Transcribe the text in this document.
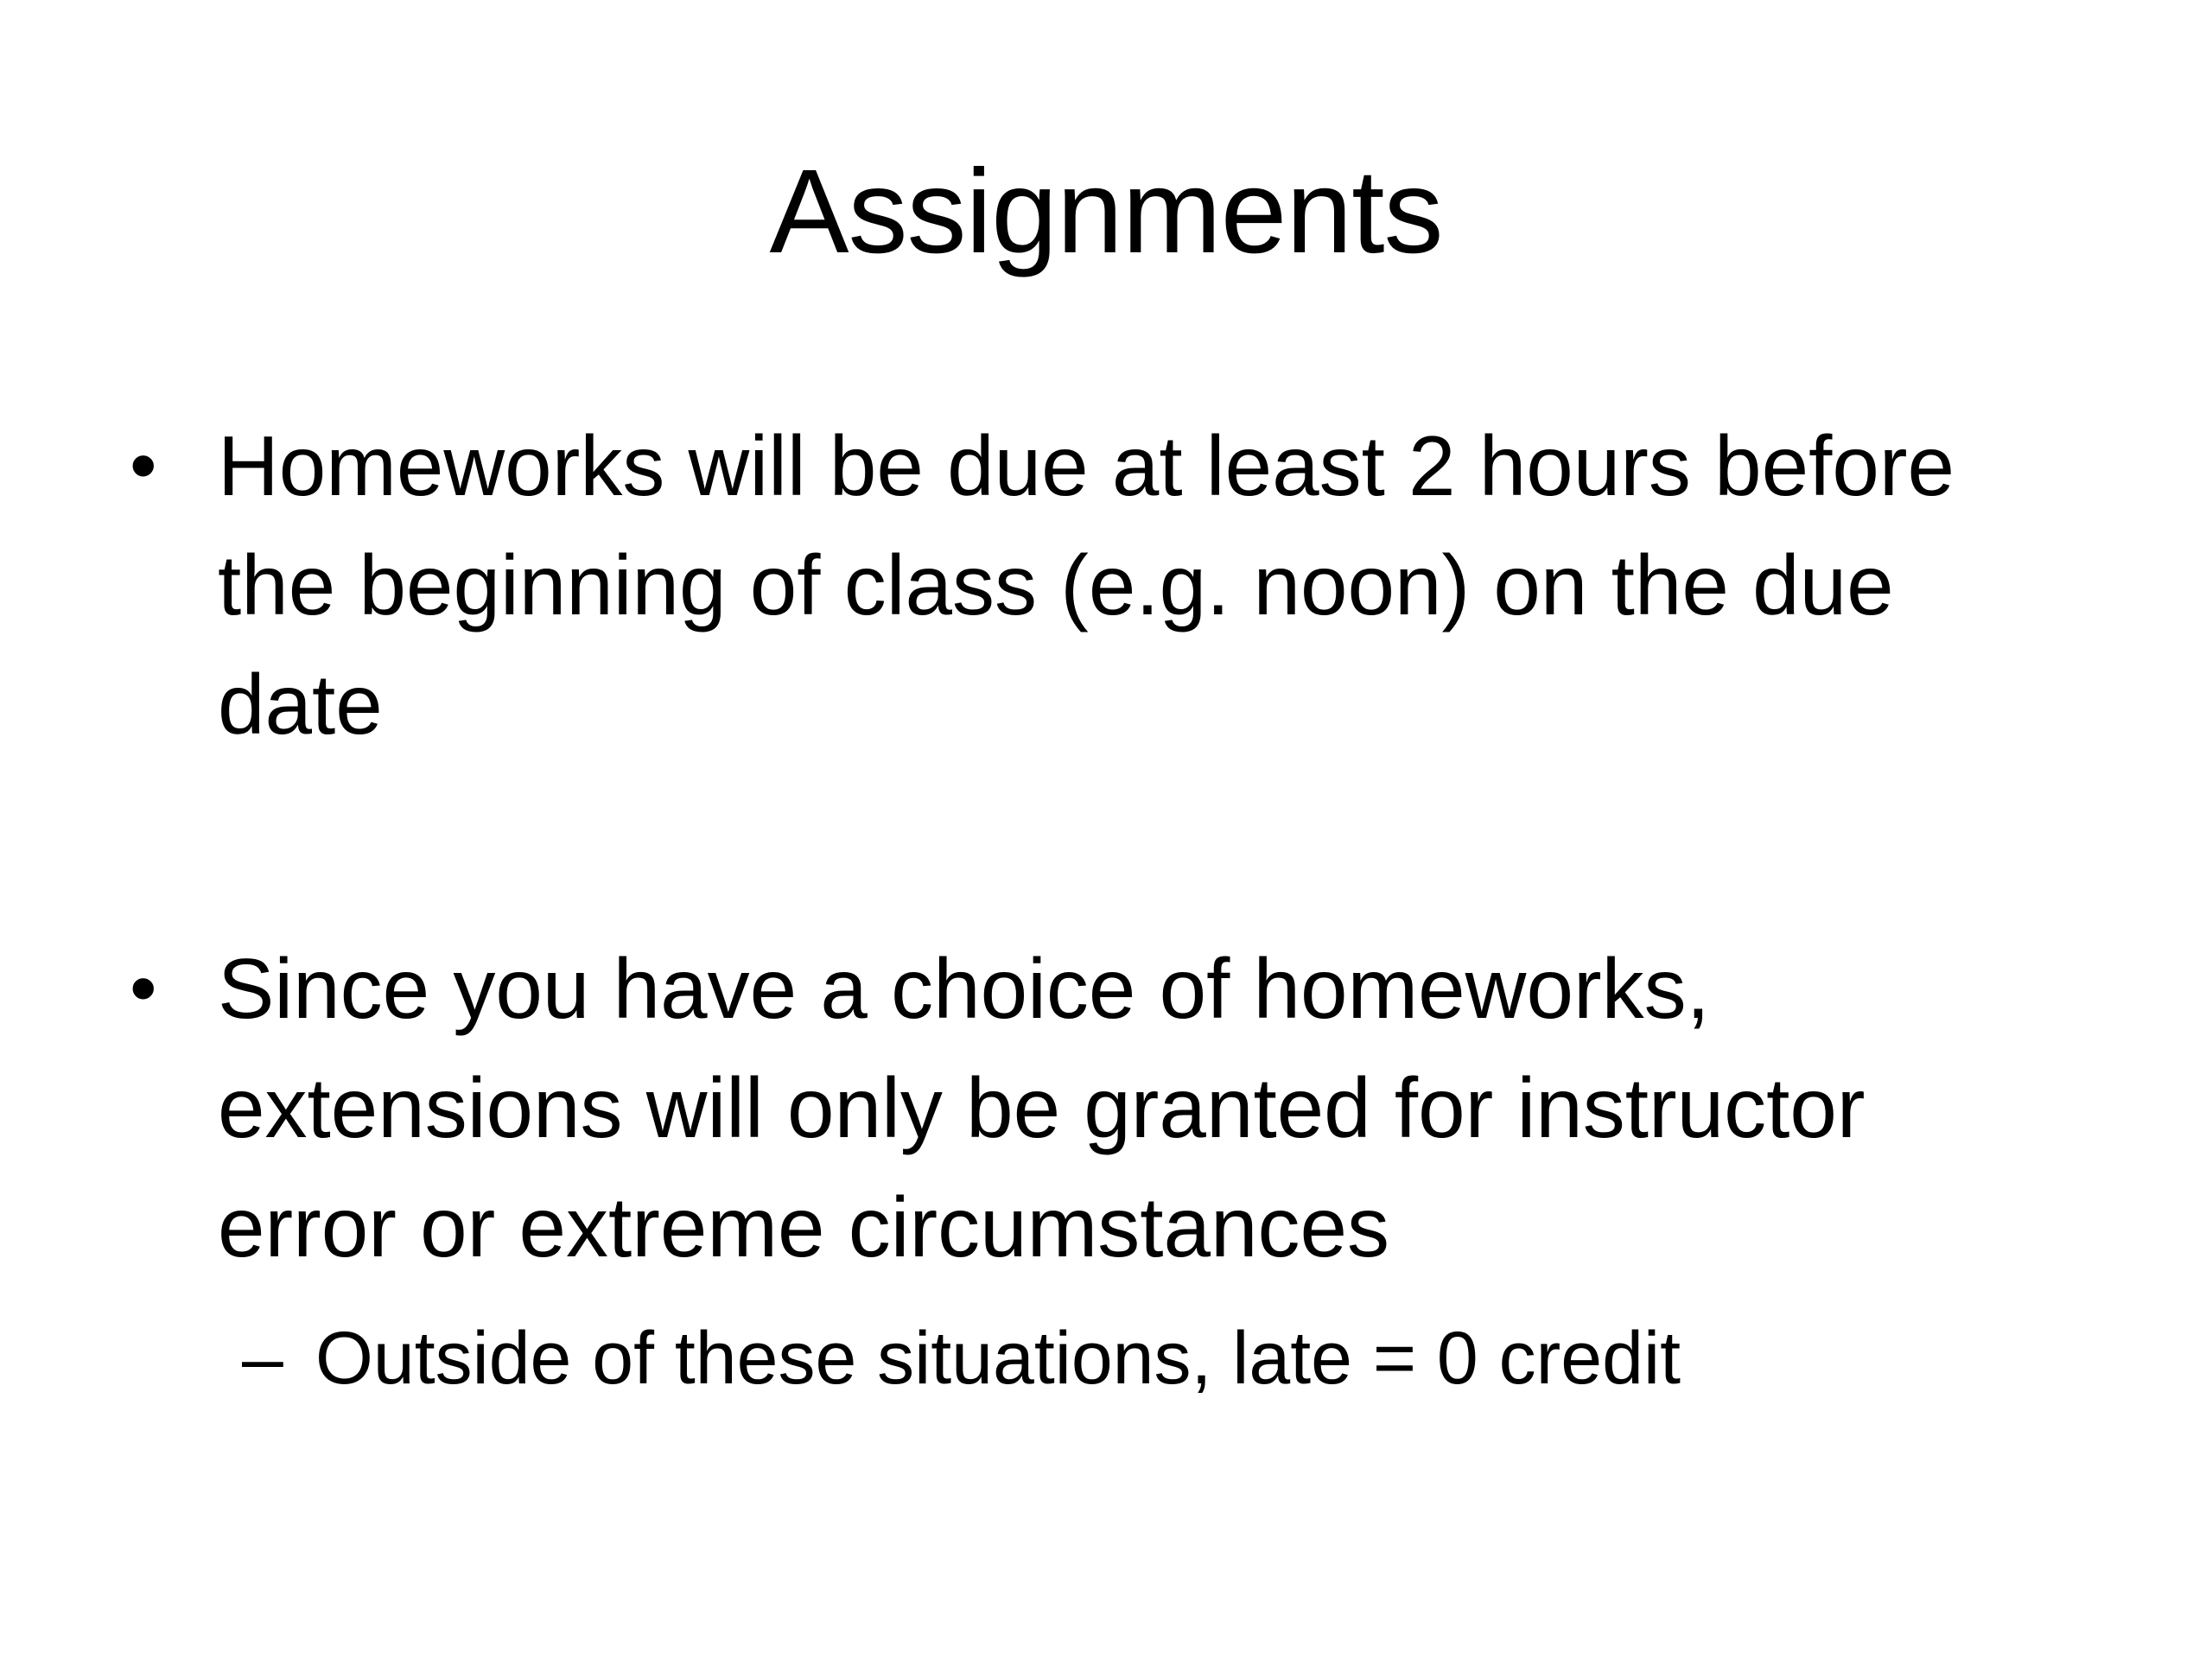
Assignments
• Homeworks will be due at least 2 hours before
the beginning of class (e.g. noon) on the due
date
• Since you have a choice of homeworks,
extensions will only be granted for instructor
error or extreme circumstances
– Outside of these situations, late = 0 credit
